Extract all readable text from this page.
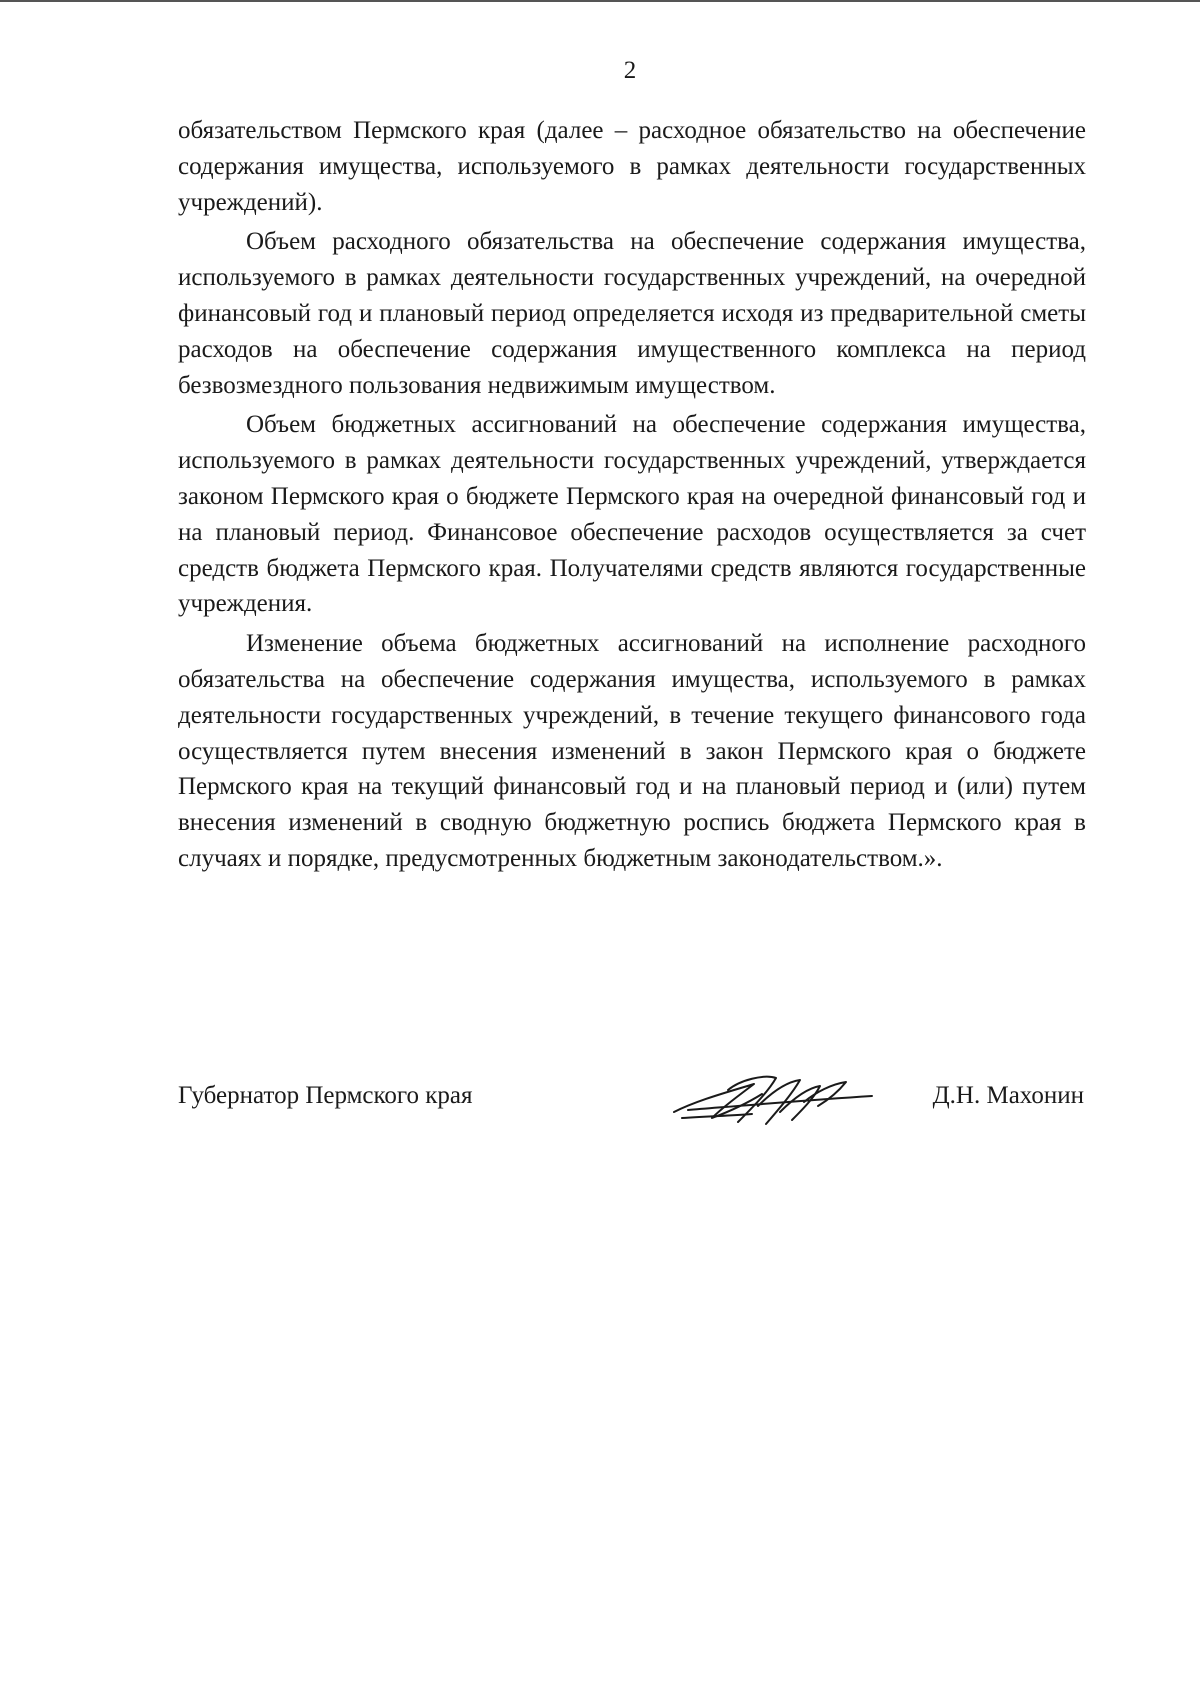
2

обязательством Пермского края (далее – расходное обязательство на обеспечение содержания имущества, используемого в рамках деятельности государственных учреждений).

Объем расходного обязательства на обеспечение содержания имущества, используемого в рамках деятельности государственных учреждений, на очередной финансовый год и плановый период определяется исходя из предварительной сметы расходов на обеспечение содержания имущественного комплекса на период безвозмездного пользования недвижимым имуществом.

Объем бюджетных ассигнований на обеспечение содержания имущества, используемого в рамках деятельности государственных учреждений, утверждается законом Пермского края о бюджете Пермского края на очередной финансовый год и на плановый период. Финансовое обеспечение расходов осуществляется за счет средств бюджета Пермского края. Получателями средств являются государственные учреждения.

Изменение объема бюджетных ассигнований на исполнение расходного обязательства на обеспечение содержания имущества, используемого в рамках деятельности государственных учреждений, в течение текущего финансового года осуществляется путем внесения изменений в закон Пермского края о бюджете Пермского края на текущий финансовый год и на плановый период и (или) путем внесения изменений в сводную бюджетную роспись бюджета Пермского края в случаях и порядке, предусмотренных бюджетным законодательством.».

Губернатор Пермского края	Д.Н. Махонин
